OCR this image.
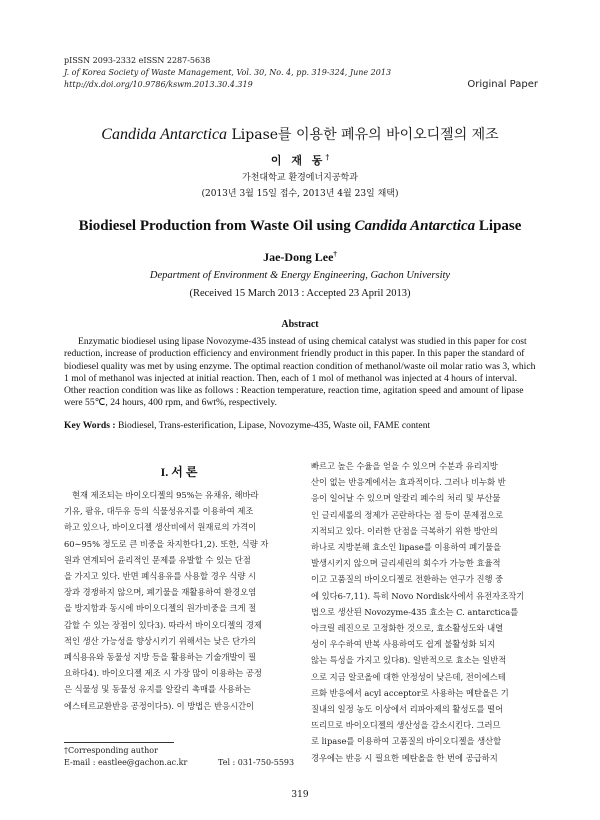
pISSN 2093-2332 eISSN 2287-5638
J. of Korea Society of Waste Management, Vol. 30, No. 4, pp. 319-324, June 2013
http://dx.doi.org/10.9786/kswm.2013.30.4.319	Original Paper
Candida Antarctica Lipase를 이용한 폐유의 바이오디젤의 제조
이 재 동†
가천대학교 환경에너지공학과
(2013년 3월 15일 접수, 2013년 4월 23일 채택)
Biodiesel Production from Waste Oil using Candida Antarctica Lipase
Jae-Dong Lee†
Department of Environment & Energy Engineering, Gachon University
(Received 15 March 2013 : Accepted 23 April 2013)
Abstract
Enzymatic biodiesel using lipase Novozyme-435 instead of using chemical catalyst was studied in this paper for cost
reduction, increase of production efficiency and environment friendly product in this paper. In this paper the standard of
biodiesel quality was met by using enzyme. The optimal reaction condition of methanol/waste oil molar ratio was 3, which
1 mol of methanol was injected at initial reaction. Then, each of 1 mol of methanol was injected at 4 hours of interval.
Other reaction condition was like as follows : Reaction temperature, reaction time, agitation speed and amount of lipase
were 55℃, 24 hours, 400 rpm, and 6wt%, respectively.
Key Words : Biodiesel, Trans-esterification, Lipase, Novozyme-435, Waste oil, FAME content
I. 서 론
현재 제조되는 바이오디젤의 95%는 유채유, 해바라
기유, 팜유, 대두유 등의 식물성유지를 이용하여 제조
하고 있으나, 바이오디젤 생산비에서 원재료의 가격이
60∼95% 정도로 큰 비중을 차지한다1,2). 또한, 식량 자
원과 연계되어 윤리적인 문제를 유발할 수 있는 단점
을 가지고 있다. 반면 폐식용유를 사용할 경우 식량 시
장과 경쟁하지 않으며, 폐기물을 재활용하여 환경오염
을 방지함과 동시에 바이오디젤의 원가비중을 크게 절
감할 수 있는 장점이 있다3). 따라서 바이오디젤의 경제
적인 생산 가능성을 향상시키기 위해서는 낮은 단가의
폐식용유와 동물성 지방 등을 활용하는 기술개발이 필
요하다4). 바이오디젤 제조 시 가장 많이 이용하는 공정
은 식물성 및 동물성 유지를 알칼리 촉매를 사용하는
에스테르교환반응 공정이다5). 이 방법은 반응시간이
빠르고 높은 수율을 얻을 수 있으며 수분과 유리지방
산이 없는 반응계에서는 효과적이다. 그러나 비누화 반
응이 일어날 수 있으며 알칼리 폐수의 처리 및 부산물
인 글리세롤의 정제가 곤란하다는 점 등이 문제점으로
지적되고 있다. 이러한 단점을 극복하기 위한 방안의
하나로 지방분해 효소인 lipase를 이용하여 폐기물을
발생시키지 않으며 글리세린의 회수가 가능한 효율적
이고 고품질의 바이오디젤로 전환하는 연구가 진행 중
에 있다6-7,11). 특히 Novo Nordisk사에서 유전자조작기
법으로 생산된 Novozyme-435 효소는 C. antarctica를
아크릴 레진으로 고정화한 것으로, 효소활성도와 내열
성이 우수하여 반복 사용하여도 쉽게 불활성화 되지
않는 특성을 가지고 있다8). 일반적으로 효소는 일반적
으로 지금 알코올에 대한 안정성이 낮은데, 전이에스테
르화 반응에서 acyl acceptor로 사용하는 메탄올은 기
질내의 일정 농도 이상에서 리파아제의 활성도를 떨어
뜨리므로 바이오디젤의 생산성을 감소시킨다. 그러므
로 lipase를 이용하여 고품질의 바이오디젤을 생산할
경우에는 반응 시 필요한 메탄올을 한 번에 공급하지
†Corresponding author
E-mail : eastlee@gachon.ac.kr	Tel : 031-750-5593
319
